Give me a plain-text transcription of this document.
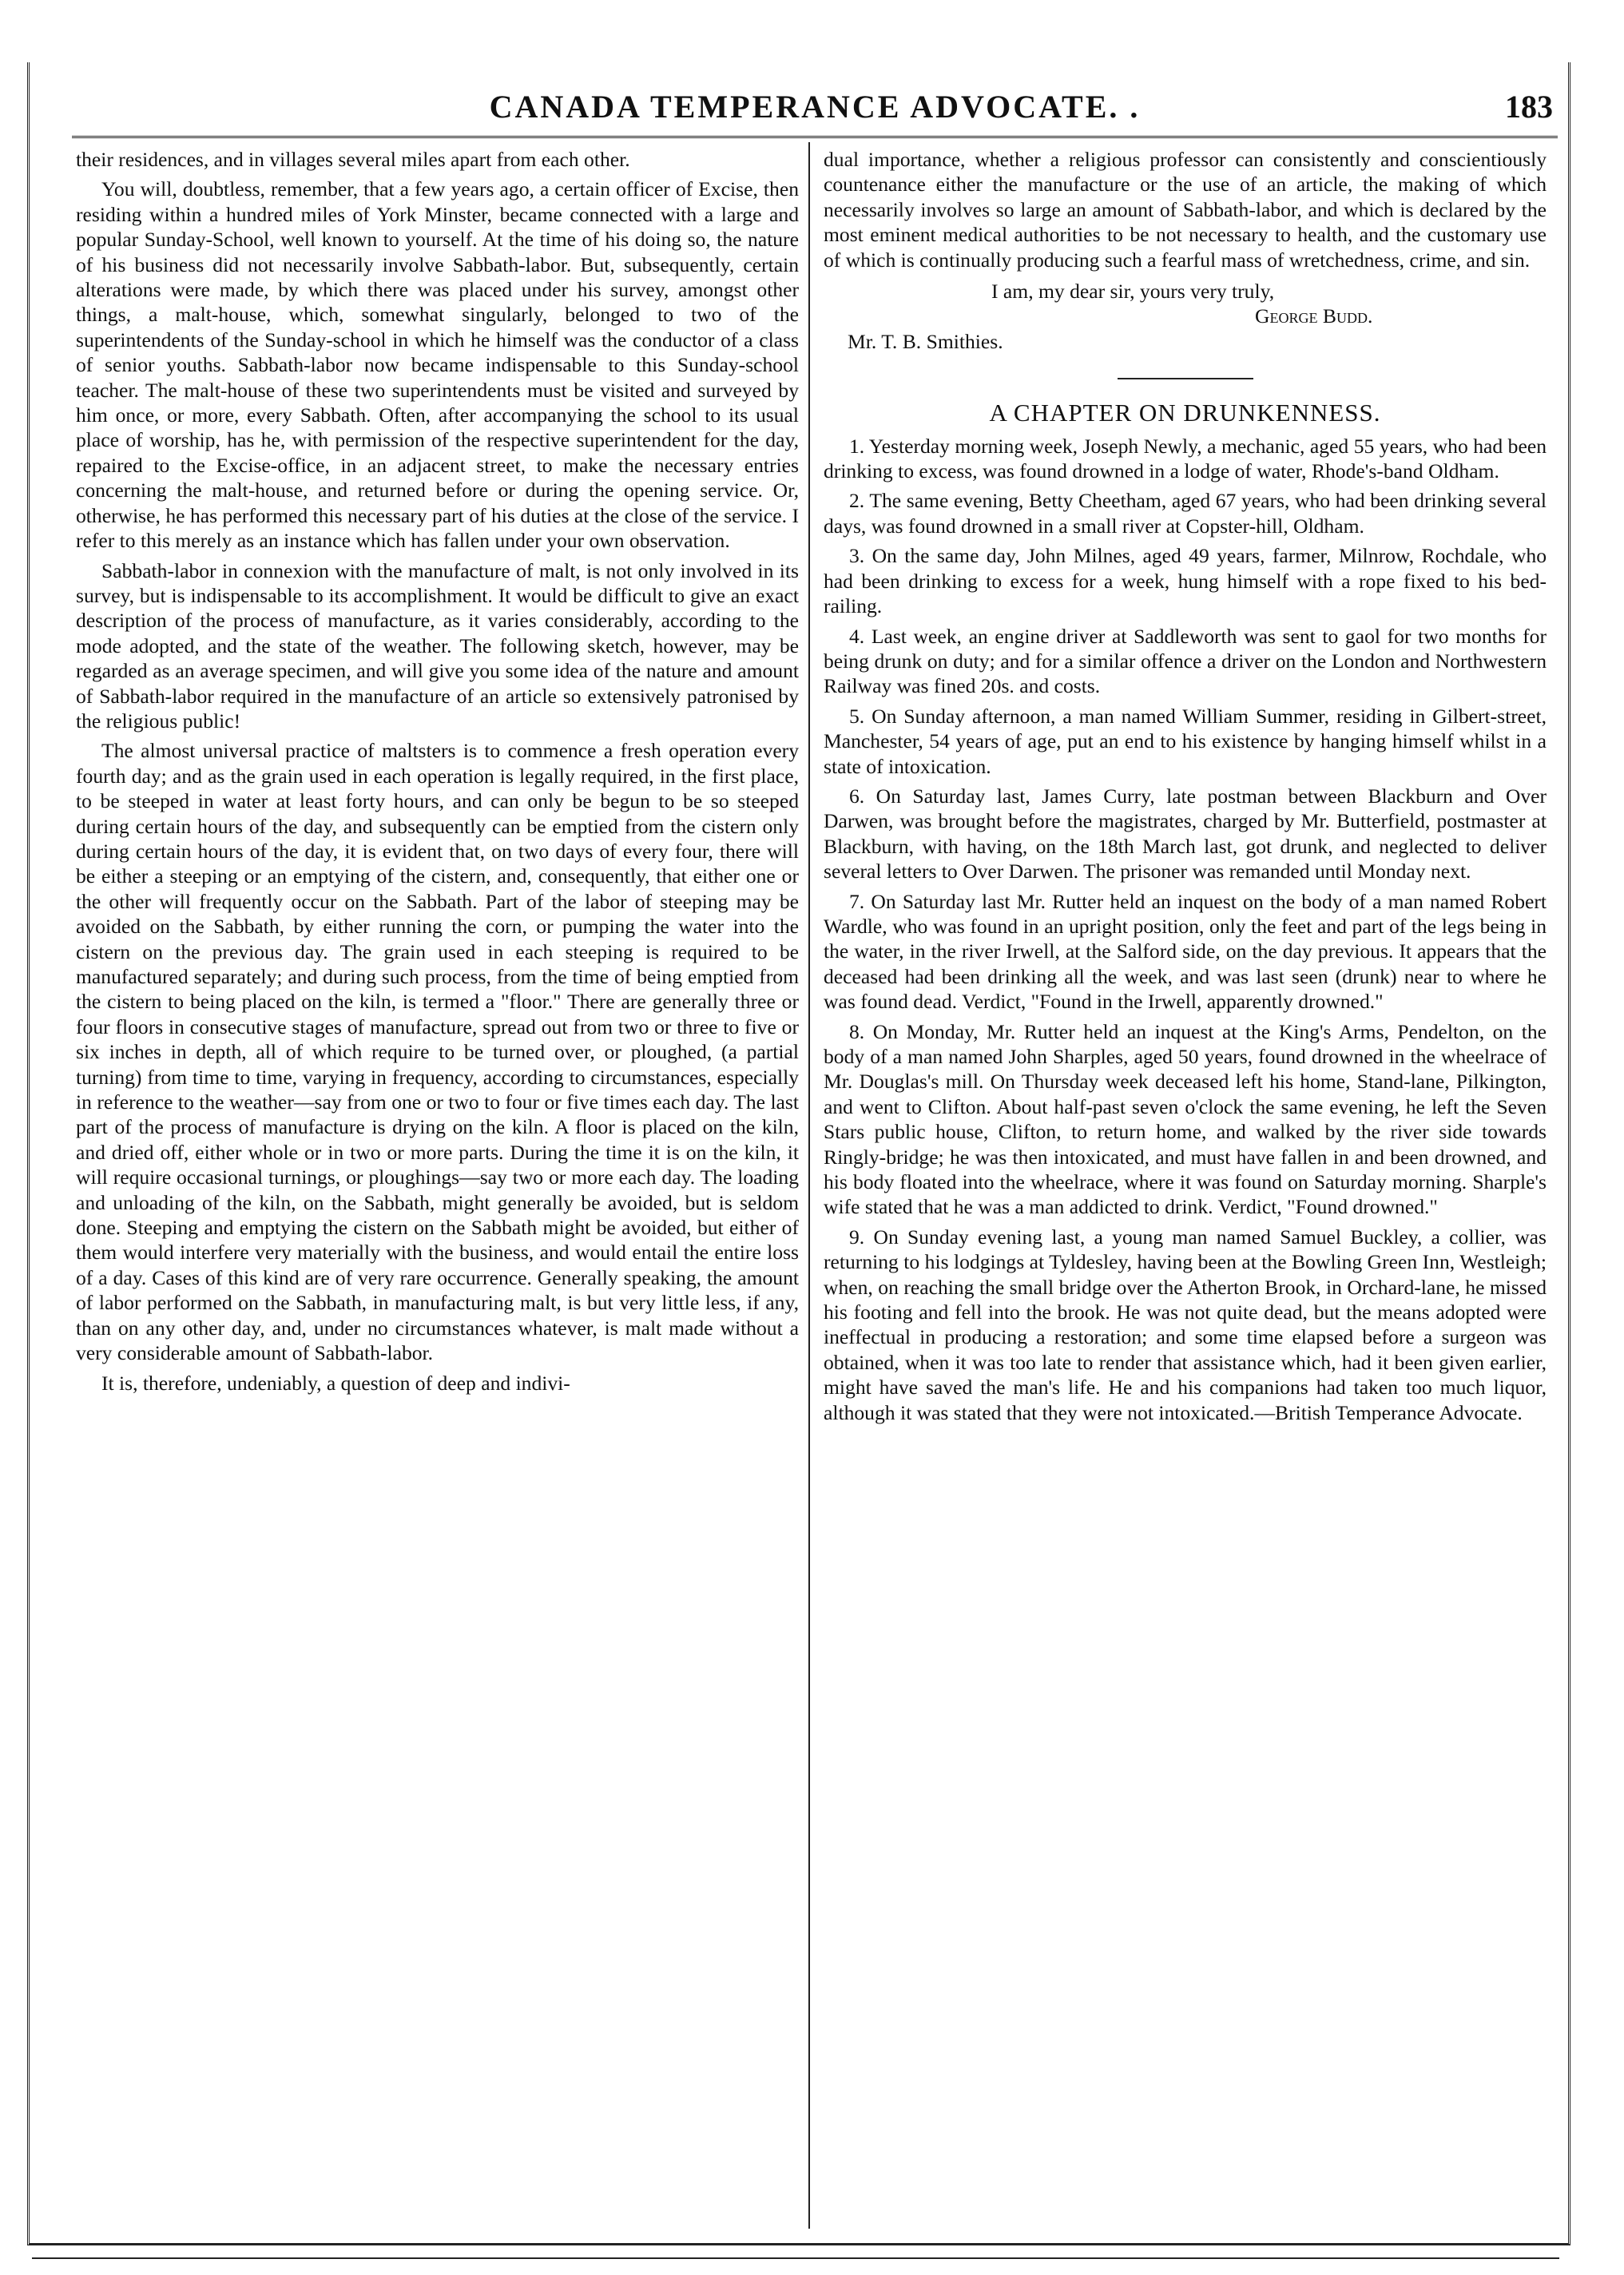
CANADA TEMPERANCE ADVOCATE. .	183

their residences, and in villages several miles apart from each other.

You will, doubtless, remember, that a few years ago, a certain officer of Excise, then residing within a hundred miles of York Minster, became connected with a large and popular Sunday-School, well known to yourself. At the time of his doing so, the nature of his business did not necessarily involve Sabbath-labor. But, subsequently, certain alterations were made, by which there was placed under his survey, amongst other things, a malt-house, which, somewhat singularly, belonged to two of the superintendents of the Sunday-school in which he himself was the conductor of a class of senior youths. Sabbath-labor now became indispensable to this Sunday-school teacher. The malt-house of these two superintendents must be visited and surveyed by him once, or more, every Sabbath. Often, after accompanying the school to its usual place of worship, has he, with permission of the respective superintendent for the day, repaired to the Excise-office, in an adjacent street, to make the necessary entries concerning the malt-house, and returned before or during the opening service. Or, otherwise, he has performed this necessary part of his duties at the close of the service. I refer to this merely as an instance which has fallen under your own observation.

Sabbath-labor in connexion with the manufacture of malt, is not only involved in its survey, but is indispensable to its accomplishment. It would be difficult to give an exact description of the process of manufacture, as it varies considerably, according to the mode adopted, and the state of the weather. The following sketch, however, may be regarded as an average specimen, and will give you some idea of the nature and amount of Sabbath-labor required in the manufacture of an article so extensively patronised by the religious public!

The almost universal practice of maltsters is to commence a fresh operation every fourth day; and as the grain used in each operation is legally required, in the first place, to be steeped in water at least forty hours, and can only be begun to be so steeped during certain hours of the day, and subsequently can be emptied from the cistern only during certain hours of the day, it is evident that, on two days of every four, there will be either a steeping or an emptying of the cistern, and, consequently, that either one or the other will frequently occur on the Sabbath. Part of the labor of steeping may be avoided on the Sabbath, by either running the corn, or pumping the water into the cistern on the previous day. The grain used in each steeping is required to be manufactured separately; and during such process, from the time of being emptied from the cistern to being placed on the kiln, is termed a "floor." There are generally three or four floors in consecutive stages of manufacture, spread out from two or three to five or six inches in depth, all of which require to be turned over, or ploughed, (a partial turning) from time to time, varying in frequency, according to circumstances, especially in reference to the weather—say from one or two to four or five times each day. The last part of the process of manufacture is drying on the kiln. A floor is placed on the kiln, and dried off, either whole or in two or more parts. During the time it is on the kiln, it will require occasional turnings, or ploughings—say two or more each day. The loading and unloading of the kiln, on the Sabbath, might generally be avoided, but is seldom done. Steeping and emptying the cistern on the Sabbath might be avoided, but either of them would interfere very materially with the business, and would entail the entire loss of a day. Cases of this kind are of very rare occurrence. Generally speaking, the amount of labor performed on the Sabbath, in manufacturing malt, is but very little less, if any, than on any other day, and, under no circumstances whatever, is malt made without a very considerable amount of Sabbath-labor.

It is, therefore, undeniably, a question of deep and indivi-

dual importance, whether a religious professor can consistently and conscientiously countenance either the manufacture or the use of an article, the making of which necessarily involves so large an amount of Sabbath-labor, and which is declared by the most eminent medical authorities to be not necessary to health, and the customary use of which is continually producing such a fearful mass of wretchedness, crime, and sin.

I am, my dear sir, yours very truly,
George Budd.
Mr. T. B. Smithies.
A CHAPTER ON DRUNKENNESS.

1. Yesterday morning week, Joseph Newly, a mechanic, aged 55 years, who had been drinking to excess, was found drowned in a lodge of water, Rhode's-band Oldham.

2. The same evening, Betty Cheetham, aged 67 years, who had been drinking several days, was found drowned in a small river at Copster-hill, Oldham.

3. On the same day, John Milnes, aged 49 years, farmer, Milnrow, Rochdale, who had been drinking to excess for a week, hung himself with a rope fixed to his bed-railing.

4. Last week, an engine driver at Saddleworth was sent to gaol for two months for being drunk on duty; and for a similar offence a driver on the London and Northwestern Railway was fined 20s. and costs.

5. On Sunday afternoon, a man named William Summer, residing in Gilbert-street, Manchester, 54 years of age, put an end to his existence by hanging himself whilst in a state of intoxication.

6. On Saturday last, James Curry, late postman between Blackburn and Over Darwen, was brought before the magistrates, charged by Mr. Butterfield, postmaster at Blackburn, with having, on the 18th March last, got drunk, and neglected to deliver several letters to Over Darwen. The prisoner was remanded until Monday next.

7. On Saturday last Mr. Rutter held an inquest on the body of a man named Robert Wardle, who was found in an upright position, only the feet and part of the legs being in the water, in the river Irwell, at the Salford side, on the day previous. It appears that the deceased had been drinking all the week, and was last seen (drunk) near to where he was found dead. Verdict, "Found in the Irwell, apparently drowned."

8. On Monday, Mr. Rutter held an inquest at the King's Arms, Pendelton, on the body of a man named John Sharples, aged 50 years, found drowned in the wheelrace of Mr. Douglas's mill. On Thursday week deceased left his home, Stand-lane, Pilkington, and went to Clifton. About half-past seven o'clock the same evening, he left the Seven Stars public house, Clifton, to return home, and walked by the river side towards Ringly-bridge; he was then intoxicated, and must have fallen in and been drowned, and his body floated into the wheelrace, where it was found on Saturday morning. Sharple's wife stated that he was a man addicted to drink. Verdict, "Found drowned."

9. On Sunday evening last, a young man named Samuel Buckley, a collier, was returning to his lodgings at Tyldesley, having been at the Bowling Green Inn, Westleigh; when, on reaching the small bridge over the Atherton Brook, in Orchard-lane, he missed his footing and fell into the brook. He was not quite dead, but the means adopted were ineffectual in producing a restoration; and some time elapsed before a surgeon was obtained, when it was too late to render that assistance which, had it been given earlier, might have saved the man's life. He and his companions had taken too much liquor, although it was stated that they were not intoxicated.—British Temperance Advocate.
